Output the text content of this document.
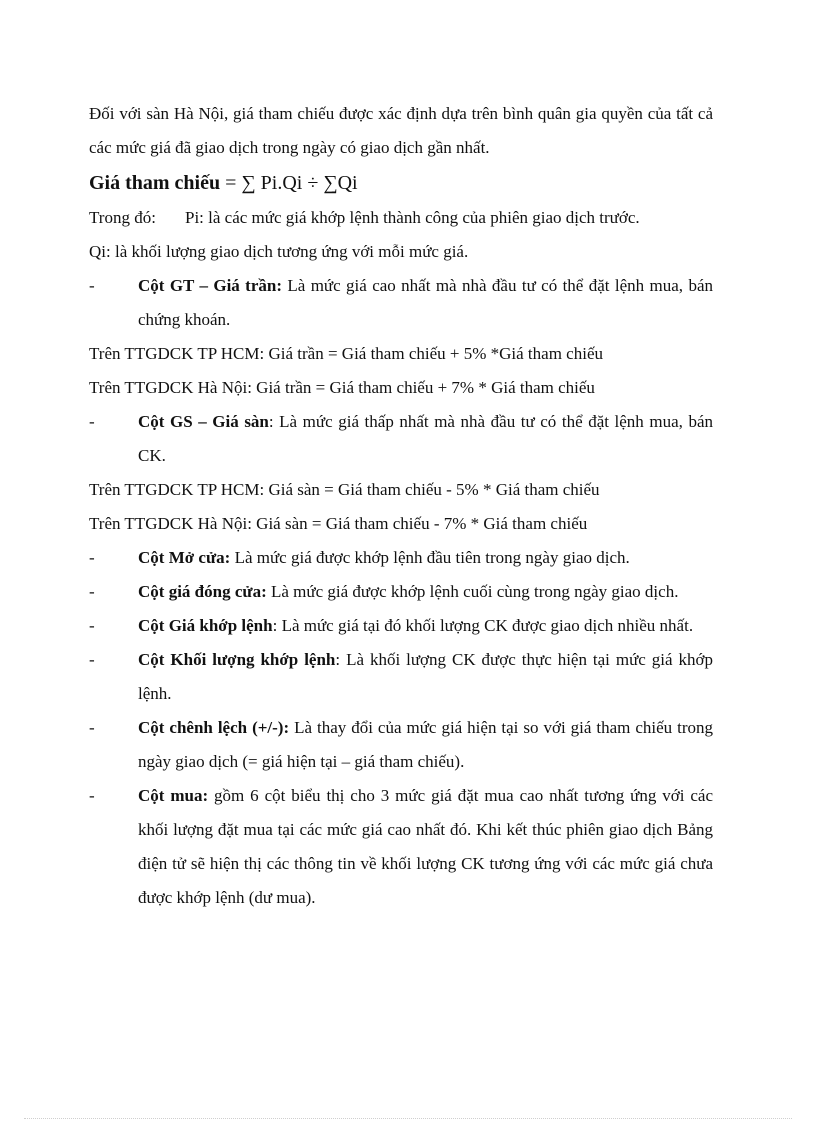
Đối với sàn Hà Nội, giá tham chiếu được xác định dựa trên bình quân gia quyền của tất cả các mức giá đã giao dịch trong ngày có giao dịch gần nhất.

Giá tham chiếu = ∑ Pi.Qi ÷ ∑Qi

Trong đó: Pi: là các mức giá khớp lệnh thành công của phiên giao dịch trước.

Qi: là khối lượng giao dịch tương ứng với mỗi mức giá.

-	Cột GT – Giá trần: Là mức giá cao nhất mà nhà đầu tư có thể đặt lệnh mua, bán chứng khoán.

Trên TTGDCK TP HCM: Giá trần = Giá tham chiếu + 5% *Giá tham chiếu

Trên TTGDCK Hà Nội: Giá trần = Giá tham chiếu + 7% * Giá tham chiếu

-	Cột GS – Giá sàn: Là mức giá thấp nhất mà nhà đầu tư có thể đặt lệnh mua, bán CK.

Trên TTGDCK TP HCM: Giá sàn = Giá tham chiếu - 5% * Giá tham chiếu

Trên TTGDCK Hà Nội: Giá sàn = Giá tham chiếu - 7% * Giá tham chiếu

-	Cột Mở cửa: Là mức giá được khớp lệnh đầu tiên trong ngày giao dịch.

-	Cột giá đóng cửa: Là mức giá được khớp lệnh cuối cùng trong ngày giao dịch.

-	Cột Giá khớp lệnh: Là mức giá tại đó khối lượng CK được giao dịch nhiều nhất.

-	Cột Khối lượng khớp lệnh: Là khối lượng CK được thực hiện tại mức giá khớp lệnh.

-	Cột chênh lệch (+/-): Là thay đổi của mức giá hiện tại so với giá tham chiếu trong ngày giao dịch (= giá hiện tại – giá tham chiếu).

-	Cột mua: gồm 6 cột biểu thị cho 3 mức giá đặt mua cao nhất tương ứng với các khối lượng đặt mua tại các mức giá cao nhất đó. Khi kết thúc phiên giao dịch Bảng điện tử sẽ hiện thị các thông tin về khối lượng CK tương ứng với các mức giá chưa được khớp lệnh (dư mua).
